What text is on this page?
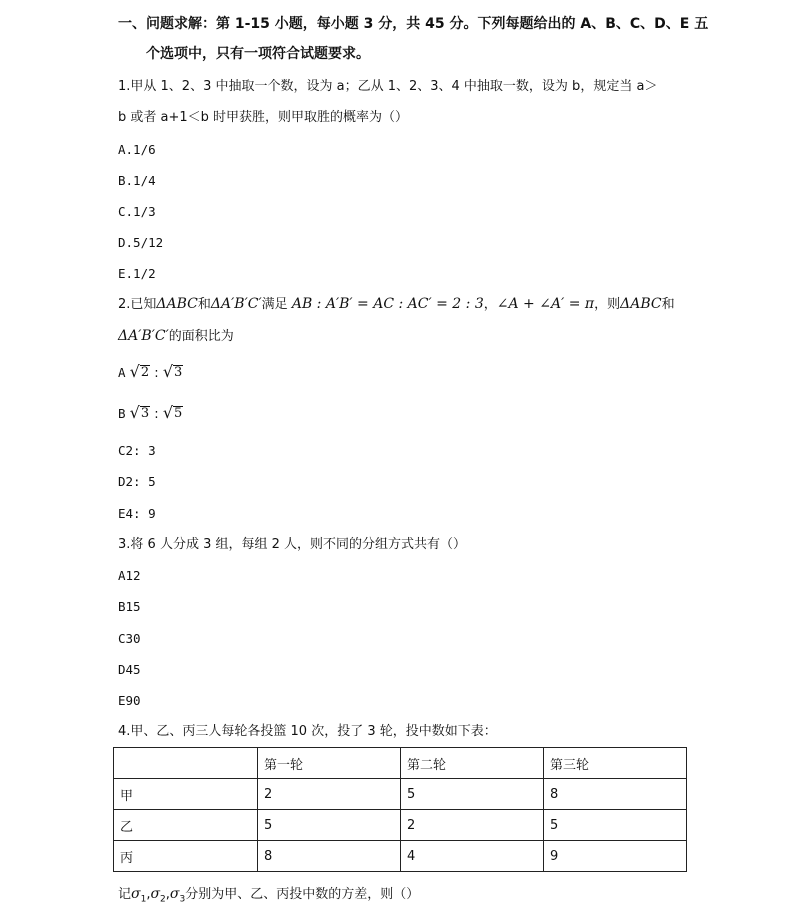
一、问题求解：第 1-15 小题，每小题 3 分，共 45 分。下列每题给出的 A、B、C、D、E 五
个选项中，只有一项符合试题要求。
1.甲从 1、2、3 中抽取一个数，设为 a；乙从 1、2、3、4 中抽取一数，设为 b，规定当 a＞
b 或者 a+1＜b 时甲获胜，则甲取胜的概率为（）
A.1/6
B.1/4
C.1/3
D.5/12
E.1/2
2.已知ΔABC和ΔA′B′C′满足 AB : A′B′ = AC : AC′ = 2 : 3，∠A + ∠A′ = π，则ΔABC和
ΔA′B′C′的面积比为
A √ 2 : √ 3
B √ 3 : √ 5
C2: 3
D2: 5
E4: 9
3.将 6 人分成 3 组，每组 2 人，则不同的分组方式共有（）
A12
B15
C30
D45
E90
4.甲、乙、丙三人每轮各投篮 10 次，投了 3 轮，投中数如下表：
	第一轮	第二轮	第三轮
甲	2	5	8
乙	5	2	5
丙	8	4	9
记$\sigma_1,\sigma_2,\sigma_3$分别为甲、乙、丙投中数的方差，则（）
